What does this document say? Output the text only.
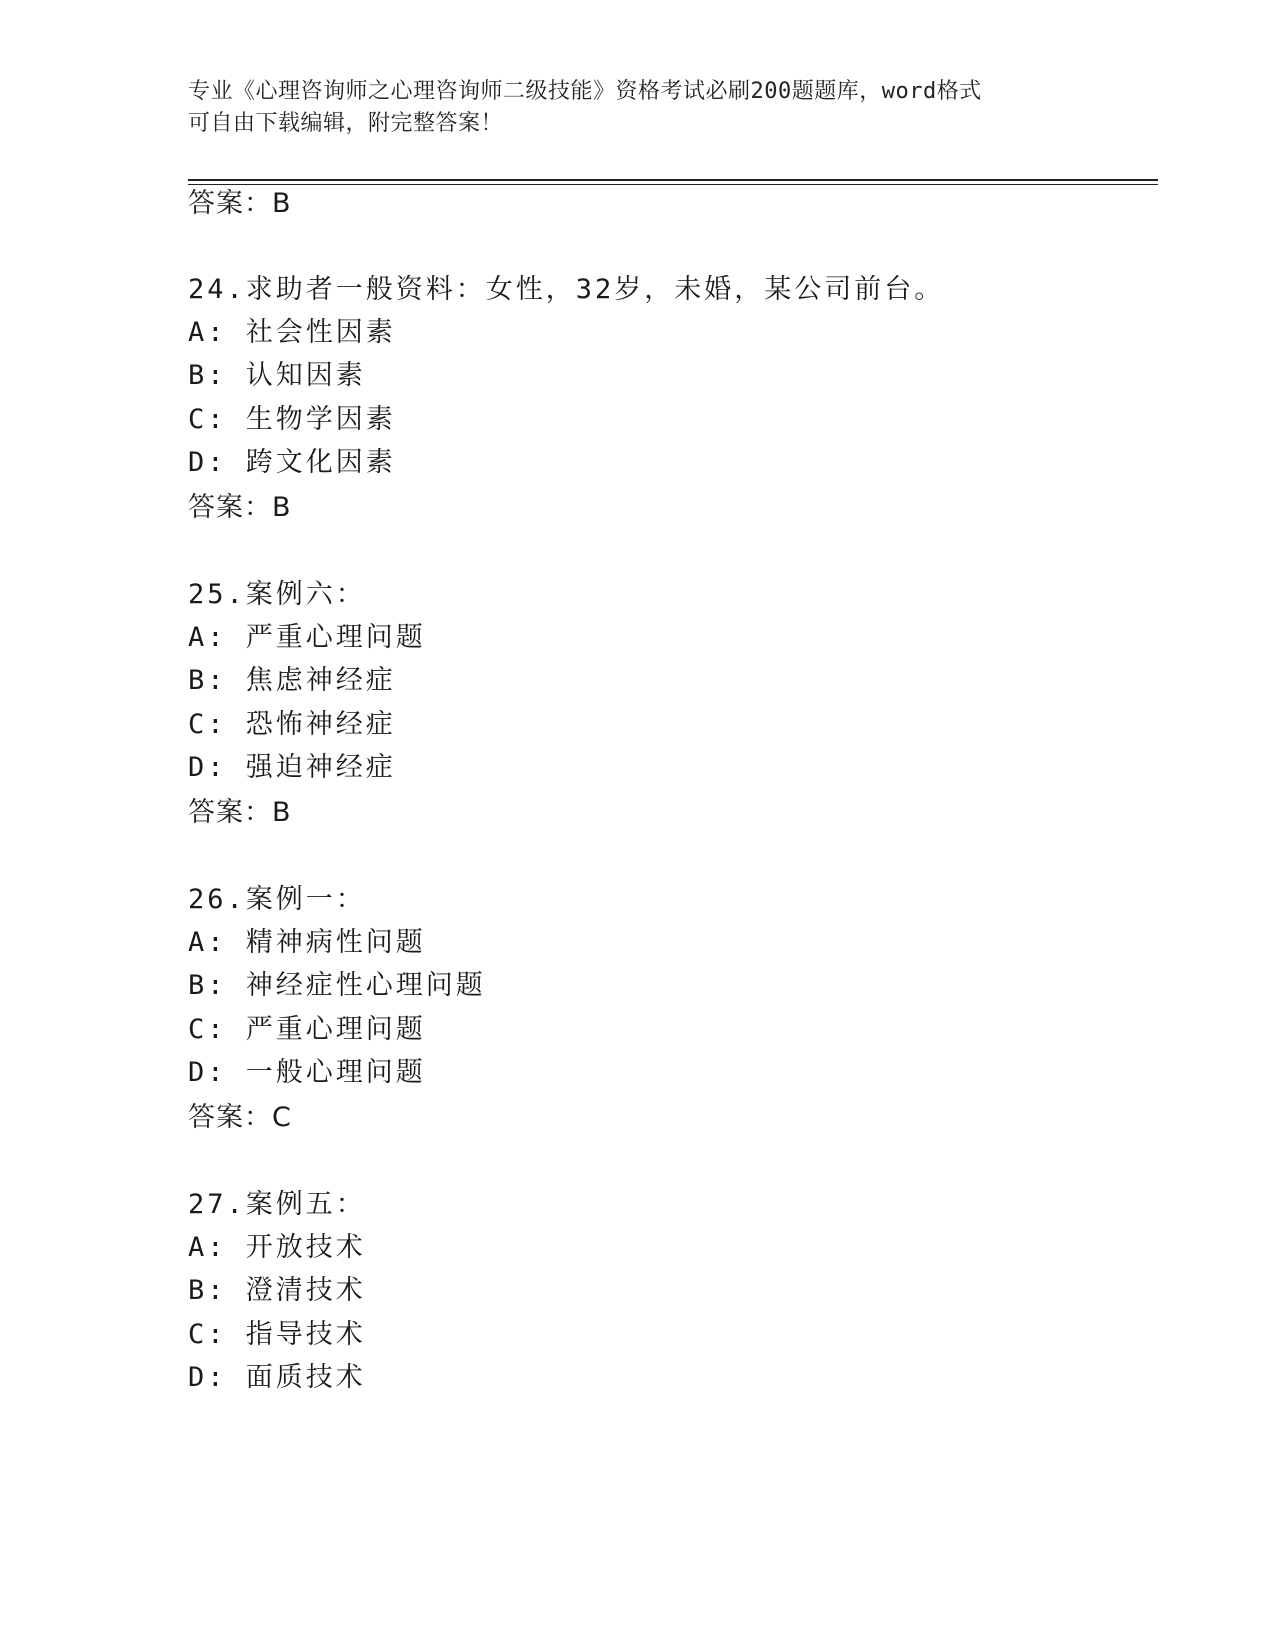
专业《心理咨询师之心理咨询师二级技能》资格考试必刷200题题库，word格式
可自由下载编辑，附完整答案！
答案：B
24.求助者一般资料：女性，32岁，未婚，某公司前台。
A: 社会性因素
B: 认知因素
C: 生物学因素
D: 跨文化因素
答案：B
25.案例六：
A: 严重心理问题
B: 焦虑神经症
C: 恐怖神经症
D: 强迫神经症
答案：B
26.案例一：
A: 精神病性问题
B: 神经症性心理问题
C: 严重心理问题
D: 一般心理问题
答案：C
27.案例五：
A: 开放技术
B: 澄清技术
C: 指导技术
D: 面质技术
